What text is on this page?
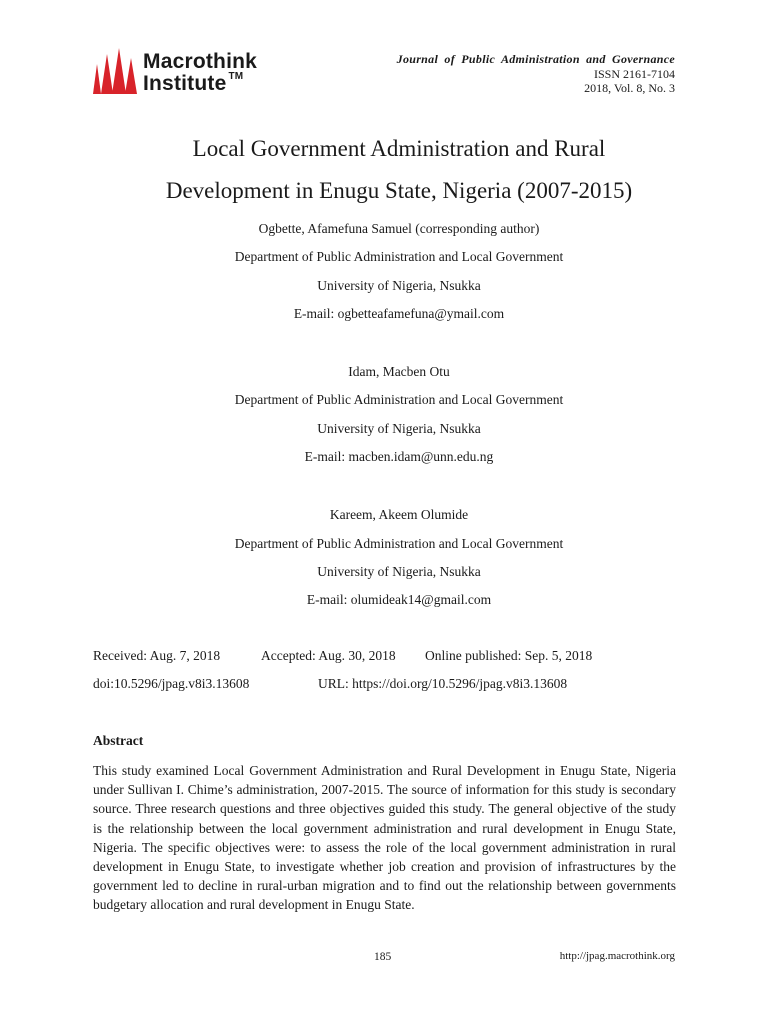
Macrothink
Institute ™
Journal of Public Administration and Governance
ISSN 2161-7104
2018, Vol. 8, No. 3
Local Government Administration and Rural
Development in Enugu State, Nigeria (2007-2015)
Ogbette, Afamefuna Samuel (corresponding author)
Department of Public Administration and Local Government
University of Nigeria, Nsukka
E-mail: ogbetteafamefuna@ymail.com
Idam, Macben Otu
Department of Public Administration and Local Government
University of Nigeria, Nsukka
E-mail: macben.idam@unn.edu.ng
Kareem, Akeem Olumide
Department of Public Administration and Local Government
University of Nigeria, Nsukka
E-mail: olumideak14@gmail.com
Received: Aug. 7, 2018	Accepted: Aug. 30, 2018 Online published: Sep. 5, 2018
doi:10.5296/jpag.v8i3.13608	URL: https://doi.org/10.5296/jpag.v8i3.13608
Abstract

This study examined Local Government Administration and Rural Development in Enugu State, Nigeria under Sullivan I. Chime’s administration, 2007-2015. The source of information for this study is secondary source. Three research questions and three objectives guided this study. The general objective of the study is the relationship between the local government administration and rural development in Enugu State, Nigeria. The specific objectives were: to assess the role of the local government administration in rural development in Enugu State, to investigate whether job creation and provision of infrastructures by the government led to decline in rural-urban migration and to find out the relationship between governments budgetary allocation and rural development in Enugu State.

185	http://jpag.macrothink.org
